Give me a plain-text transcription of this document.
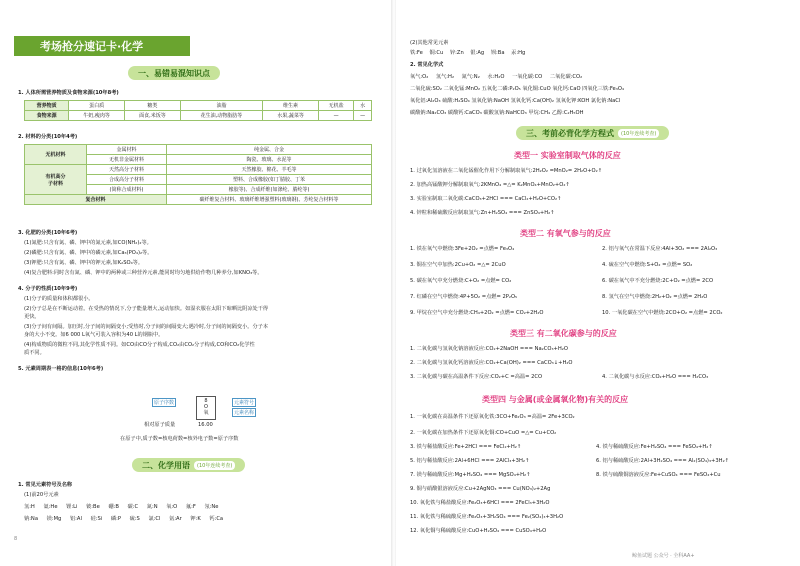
考场抢分速记卡·化学
一、易错易混知识点
1. 人体所需营养物质及食物来源(10年8考)
营养物质	蛋白质	糖类	油脂	维生素	无机盐	水
食物来源	牛奶,瘦肉等	面食,米饭等	花生油,动物脂肪等	水果,蔬菜等	—	—
2. 材料的分类(10年4考)
无机材料	金属材料	纯金属、合金
	无机非金属材料	陶瓷、玻璃、水泥等
有机高分
子材料	天然高分子材料	天然橡胶、棉花、羊毛等
	合成高分子材料	塑料、合成橡胶(如丁腈胶、丁苯
	(简称合成材料)	橡胶等)、合成纤维(如涤纶、腈纶等)
复合材料		碳纤维复合材料、玻璃纤维增强塑料(玻璃钢)、芳纶复合材料等
3. 化肥的分类(10年6考)
(1)氮肥:只含有氮、磷、钾中的氮元素,如CO(NH₂)₂等。
(2)磷肥:只含有氮、磷、钾中的磷元素,如Ca₃(PO₄)₂等。
(3)钾肥:只含有氮、磷、钾中的钾元素,如K₂SO₄等。
(4)复合肥料:同时含有氮、磷、钾中的两种或三种营养元素,能同时均匀地供给作物几种养分,如KNO₃等。
4. 分子的性质(10年9考)
(1)分子的质量和体积都很小。
(2)分子总是在不断运动着。在受热的情况下,分子能量增大,运动加快。如湿衣服在太阳下晾晒比阴凉处干得
更快。
(3)分子间有间隔。加压时,分子间的间隔变小;受热时,分子间的间隔变大;遇冷时,分子间的间隔变小。分子本
身的大小不变。如6 000 L氧气可装入容积为40 L的钢瓶中。
(4)构成物质的微粒不同,其化学性质不同。如CO由CO分子构成,CO₂由CO₂分子构成,CO和CO₂化学性
质不同。
5. 元素周期表一格的信息(10年6考)
8
O
氧
原子序数	元素符号
元素名称
相对原子质量	16.00
在原子中,质子数=核电荷数=核外电子数=原子序数
二、化学用语	(10年连续考查)
1. 常见元素符号及名称
(1)前20号元素
氢:H 氦:He 锂:Li 铍:Be 硼:B 碳:C 氮:N 氧:O 氟:F 氖:Ne
钠:Na 镁:Mg 铝:Al 硅:Si 磷:P 硫:S 氯:Cl 氩:Ar 钾:K 钙:Ca
8
(2)其他常见元素
铁:Fe 铜:Cu 锌:Zn 银:Ag 钡:Ba 汞:Hg
2. 常见化学式
氧气:O₂ 氢气:H₂ 氮气:N₂ 水:H₂O 一氧化碳:CO 二氧化碳:CO₂
二氧化硫:SO₂ 二氧化锰:MnO₂ 五氧化二磷:P₂O₅ 氧化铜:CuO 氧化钙:CaO 四氧化三铁:Fe₃O₄
氧化铝:Al₂O₃ 硫酸:H₂SO₄ 氢氧化钠:NaOH 氢氧化钙:Ca(OH)₂ 氢氧化钾:KOH 氯化钠:NaCl
碳酸钠:Na₂CO₃ 碳酸钙:CaCO₃ 碳酸氢钠:NaHCO₃ 甲烷:CH₄ 乙醇:C₂H₅OH
三、考前必背化学方程式	(10年连续考查)
类型一 实验室制取气体的反应
1. 过氧化氢溶液在二氧化锰催化作用下分解制取氧气:2H₂O₂ =MnO₂= 2H₂O+O₂↑
2. 加热高锰酸钾分解制取氧气:2KMnO₄ =△= K₂MnO₄+MnO₂+O₂↑
3. 实验室制取二氧化碳:CaCO₃+2HCl === CaCl₂+H₂O+CO₂↑
4. 锌粒和稀硫酸反应制取氢气:Zn+H₂SO₄ === ZnSO₄+H₂↑
类型二 有氧气参与的反应
1. 铁在氧气中燃烧:3Fe+2O₂ =点燃= Fe₃O₄	2. 铝与氧气在常温下反应:4Al+3O₂ === 2Al₂O₃
3. 铜在空气中加热:2Cu+O₂ =△= 2CuO	4. 硫在空气中燃烧:S+O₂ =点燃= SO₂
5. 碳在氧气中充分燃烧:C+O₂ =点燃= CO₂	6. 碳在氧气中不充分燃烧:2C+O₂ =点燃= 2CO
7. 红磷在空气中燃烧:4P+5O₂ =点燃= 2P₂O₅	8. 氢气在空气中燃烧:2H₂+O₂ =点燃= 2H₂O
9. 甲烷在空气中充分燃烧:CH₄+2O₂ =点燃= CO₂+2H₂O	10. 一氧化碳在空气中燃烧:2CO+O₂ =点燃= 2CO₂
类型三 有二氧化碳参与的反应
1. 二氧化碳与氢氧化钠溶液反应:CO₂+2NaOH === Na₂CO₃+H₂O
2. 二氧化碳与氢氧化钙溶液反应:CO₂+Ca(OH)₂ === CaCO₃↓+H₂O
3. 二氧化碳与碳在高温条件下反应:CO₂+C =高温= 2CO	4. 二氧化碳与水反应:CO₂+H₂O === H₂CO₃
类型四 与金属(或金属氧化物)有关的反应
1. 一氧化碳在高温条件下还原氧化铁:3CO+Fe₂O₃ =高温= 2Fe+3CO₂
2. 一氧化碳在加热条件下还原氧化铜:CO+CuO =△= Cu+CO₂
3. 铁与稀盐酸反应:Fe+2HCl === FeCl₂+H₂↑	4. 铁与稀硫酸反应:Fe+H₂SO₄ === FeSO₄+H₂↑
5. 铝与稀盐酸反应:2Al+6HCl === 2AlCl₃+3H₂↑	6. 铝与稀硫酸反应:2Al+3H₂SO₄ === Al₂(SO₄)₃+3H₂↑
7. 镁与稀硫酸反应:Mg+H₂SO₄ === MgSO₄+H₂↑	8. 铁与硫酸铜溶液反应:Fe+CuSO₄ === FeSO₄+Cu
9. 铜与硝酸银溶液反应:Cu+2AgNO₃ === Cu(NO₃)₂+2Ag
10. 氧化铁与稀盐酸反应:Fe₂O₃+6HCl === 2FeCl₃+3H₂O
11. 氧化铁与稀硫酸反应:Fe₂O₃+3H₂SO₄ === Fe₂(SO₄)₃+3H₂O
12. 氧化铜与稀硫酸反应:CuO+H₂SO₄ === CuSO₄+H₂O
鲸鱼试题 公众号 · 全科AA+
